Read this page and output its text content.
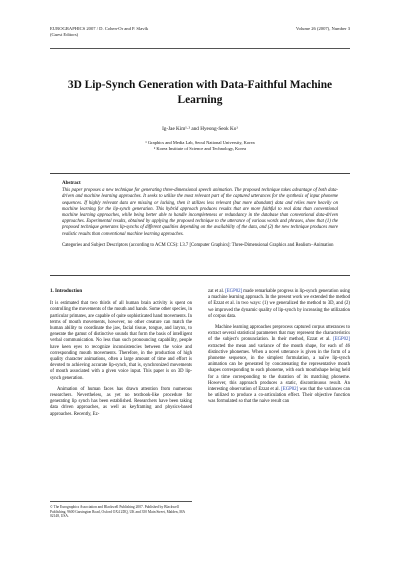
EUROGRAPHICS 2007 / D. Cohen-Or and P. Slavík
(Guest Editors)
Volume 26 (2007), Number 3
3D Lip-Synch Generation with Data-Faithful Machine
Learning
Ig-Jae Kim¹·² and Hyeong-Seok Ko¹
¹ Graphics and Media Lab, Seoul National University, Korea
² Korea Institute of Science and Technology, Korea
Abstract
This paper proposes a new technique for generating three-dimensional speech animation. The proposed technique takes advantage of both data-driven and machine learning approaches. It seeks to utilize the most relevant part of the captured utterances for the synthesis of input phoneme sequences. If highly relevant data are missing or lacking, then it utilizes less relevant (but more abundant) data and relies more heavily on machine learning for the lip-synch generation. This hybrid approach produces results that are more faithful to real data than conventional machine learning approaches, while being better able to handle incompleteness or redundancy in the database than conventional data-driven approaches. Experimental results, obtained by applying the proposed technique to the utterance of various words and phrases, show that (1) the proposed technique generates lip-synchs of different qualities depending on the availability of the data, and (2) the new technique produces more realistic results than conventional machine learning approaches.
Categories and Subject Descriptors (according to ACM CCS): I.3.7 [Computer Graphics]: Three-Dimensional Graphics and Realism−Animation
1. Introduction

It is estimated that two thirds of all human brain activity is spent on controlling the movements of the mouth and hands. Some other species, in particular primates, are capable of quite sophisticated hand movements. In terms of mouth movements, however, no other creature can match the human ability to coordinate the jaw, facial tissue, tongue, and larynx, to generate the gamut of distinctive sounds that form the basis of intelligent verbal communication. No less than such pronouncing capability, people have keen eyes to recognize inconsistencies between the voice and corresponding mouth movements. Therefore, in the production of high quality character animations, often a large amount of time and effort is devoted to achieving accurate lip-synch, that is, synchronized movements of mouth associated with a given voice input. This paper is on 3D lip-synch generation.

Animation of human faces has drawn attention from numerous researchers. Nevertheless, as yet no textbook-like procedure for generating lip synch has been established. Researchers have been taking data driven approaches, as well as keyframing and physics-based approaches. Recently, Ez-

zat et al. [EGP02] made remarkable progress in lip-synch generation using a machine learning approach. In the present work we extended the method of Ezzat et al. in two ways: (1) we generalized the method to 3D, and (2) we improved the dynamic quality of lip-synch by increasing the utilization of corpus data.

Machine learning approaches preprocess captured corpus utterances to extract several statistical parameters that may represent the characteristics of the subject's pronunciation. In their method, Ezzat et al. [EGP02] extracted the mean and variance of the mouth shape, for each of 46 distinctive phonemes. When a novel utterance is given in the form of a phoneme sequence, in the simplest formulation, a naïve lip-synch animation can be generated by concatenating the representative mouth shapes corresponding to each phoneme, with each mouthshape being held for a time corresponding to the duration of its matching phoneme. However, this approach produces a static, discontinuous result. An interesting observation of Ezzat et al. [EGP02] was that the variances can be utilized to produce a co-articulation effect. Their objective function was formulated so that the naive result can

© The Eurographics Association and Blackwell Publishing 2007. Published by Blackwell Publishing, 9600 Garsington Road, Oxford OX4 2DQ, UK and 350 Main Street, Malden, MA 02148, USA.
